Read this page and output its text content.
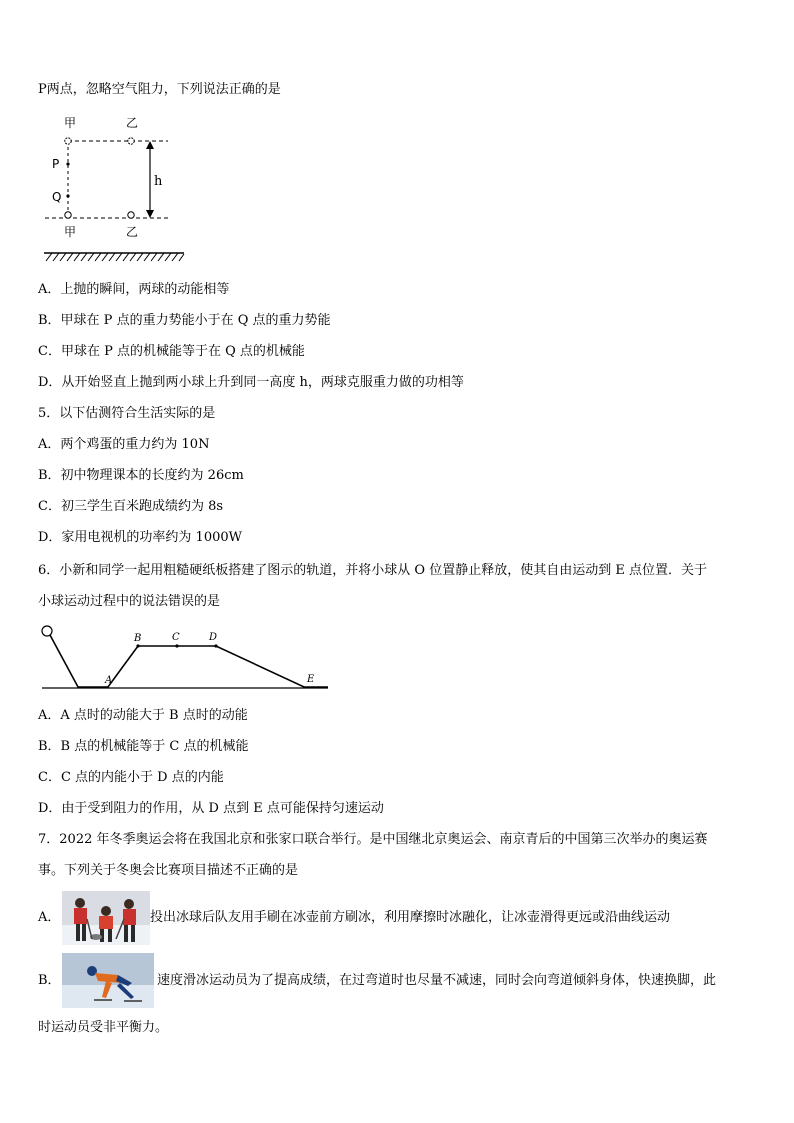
P两点，忽略空气阻力，下列说法正确的是
甲	乙
P
Q
h
甲	乙
A．上抛的瞬间，两球的动能相等
B．甲球在 P 点的重力势能小于在 Q 点的重力势能
C．甲球在 P 点的机械能等于在 Q 点的机械能
D．从开始竖直上抛到两小球上升到同一高度 h，两球克服重力做的功相等
5．以下估测符合生活实际的是
A．两个鸡蛋的重力约为 10N
B．初中物理课本的长度约为 26cm
C．初三学生百米跑成绩约为 8s
D．家用电视机的功率约为 1000W
6．小新和同学一起用粗糙硬纸板搭建了图示的轨道，并将小球从 O 位置静止释放，使其自由运动到 E 点位置．关于
小球运动过程中的说法错误的是
A
B	C	D
E
A．A 点时的动能大于 B 点时的动能
B．B 点的机械能等于 C 点的机械能
C．C 点的内能小于 D 点的内能
D．由于受到阻力的作用，从 D 点到 E 点可能保持匀速运动
7．2022 年冬季奥运会将在我国北京和张家口联合举行。是中国继北京奥运会、南京青后的中国第三次举办的奥运赛
事。下列关于冬奥会比赛项目描述不正确的是
A．	投出冰球后队友用手刷在冰壶前方刷冰，利用摩擦时冰融化，让冰壶滑得更远或沿曲线运动
B．	速度滑冰运动员为了提高成绩，在过弯道时也尽量不减速，同时会向弯道倾斜身体，快速换脚，此
时运动员受非平衡力。
